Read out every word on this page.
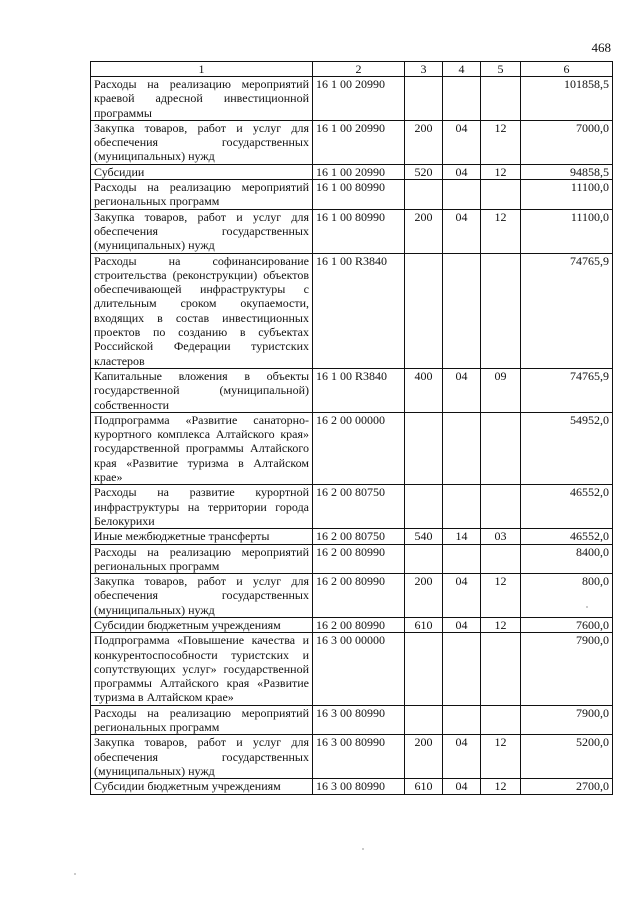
468
1	2	3	4	5	6
Расходы на реализацию мероприятий краевой адресной инвестиционной программы	16 1 00 20990				101858,5
Закупка товаров, работ и услуг для обеспечения государственных (муниципальных) нужд	16 1 00 20990	200	04	12	7000,0
Субсидии	16 1 00 20990	520	04	12	94858,5
Расходы на реализацию мероприятий региональных программ	16 1 00 80990				11100,0
Закупка товаров, работ и услуг для обеспечения государственных (муниципальных) нужд	16 1 00 80990	200	04	12	11100,0
Расходы на софинансирование строительства (реконструкции) объектов обеспечивающей инфраструктуры с длительным сроком окупаемости, входящих в состав инвестиционных проектов по созданию в субъектах Российской Федерации туристских кластеров	16 1 00 R3840				74765,9
Капитальные вложения в объекты государственной (муниципальной) собственности	16 1 00 R3840	400	04	09	74765,9
Подпрограмма «Развитие санаторно-курортного комплекса Алтайского края» государственной программы Алтайского края «Развитие туризма в Алтайском крае»	16 2 00 00000				54952,0
Расходы на развитие курортной инфраструктуры на территории города Белокурихи	16 2 00 80750				46552,0
Иные межбюджетные трансферты	16 2 00 80750	540	14	03	46552,0
Расходы на реализацию мероприятий региональных программ	16 2 00 80990				8400,0
Закупка товаров, работ и услуг для обеспечения государственных (муниципальных) нужд	16 2 00 80990	200	04	12	800,0
Субсидии бюджетным учреждениям	16 2 00 80990	610	04	12	7600,0
Подпрограмма «Повышение качества и конкурентоспособности туристских и сопутствующих услуг» государственной программы Алтайского края «Развитие туризма в Алтайском крае»	16 3 00 00000				7900,0
Расходы на реализацию мероприятий региональных программ	16 3 00 80990				7900,0
Закупка товаров, работ и услуг для обеспечения государственных (муниципальных) нужд	16 3 00 80990	200	04	12	5200,0
Субсидии бюджетным учреждениям	16 3 00 80990	610	04	12	2700,0
